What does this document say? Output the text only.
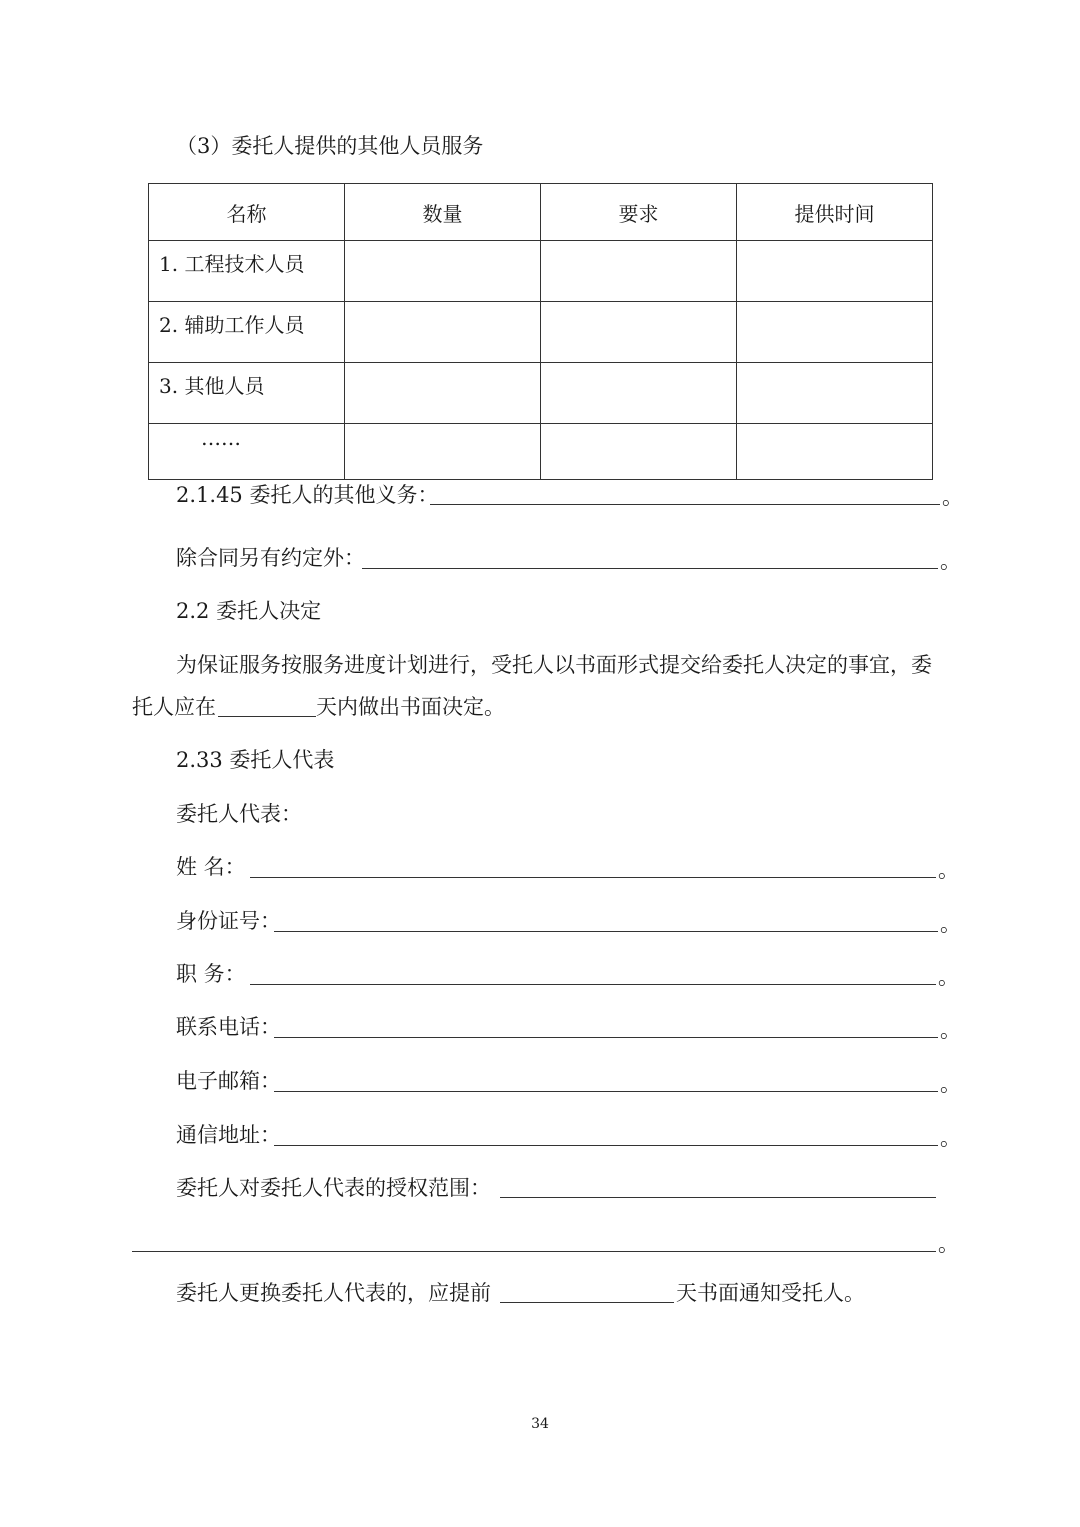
（3）委托人提供的其他人员服务
名称	数量	要求	提供时间
1. 工程技术人员			
2. 辅助工作人员			
3. 其他人员			
……			
2.1.45 委托人的其他义务：	。
除合同另有约定外：	。
2.2 委托人决定
为保证服务按服务进度计划进行，受托人以书面形式提交给委托人决定的事宜，委
托人应在	天内做出书面决定。
2.33 委托人代表
委托人代表：
姓 名：	。
身份证号：	。
职 务：	。
联系电话：	。
电子邮箱：	。
通信地址：	。
委托人对委托人代表的授权范围：
。
委托人更换委托人代表的，应提前	天书面通知受托人。
34
